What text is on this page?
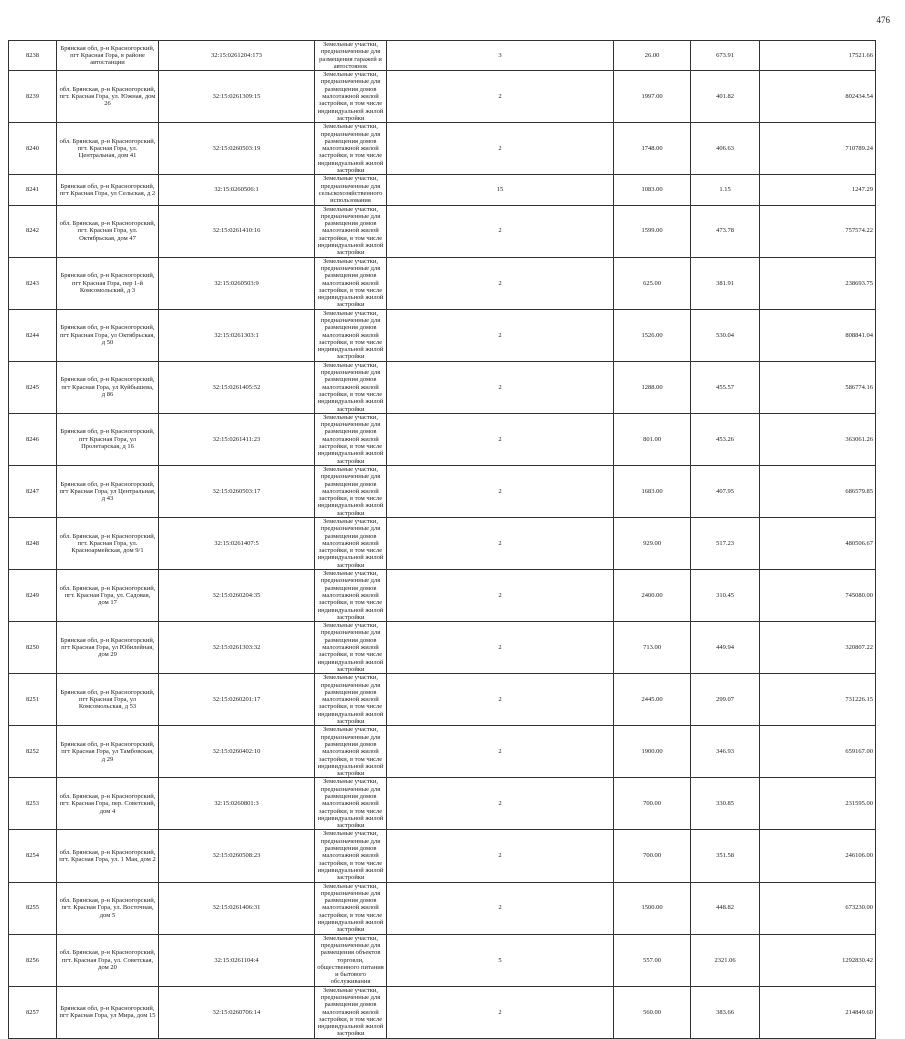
476
8238	Брянская обл, р-н Красногорский, пгт Красная Гора, в районе автостанции	32:15:0261204:173	Земельные участки, предназначенные для размещения гаражей и автостоянок	3	26.00	673.91	17521.66
8239	обл. Брянская, р-н Красногорский, пгт. Красная Гора, ул. Южная, дом 26	32:15:0261309:15	Земельные участки, предназначенные для размещения домов малоэтажной жилой застройки, в том числе индивидуальной жилой застройки	2	1997.00	401.82	802434.54
8240	обл. Брянская, р-н Красногорский, пгт. Красная Гора, ул. Центральная, дом 41	32:15:0260503:19	Земельные участки, предназначенные для размещения домов малоэтажной жилой застройки, в том числе индивидуальной жилой застройки	2	1748.00	406.63	710789.24
8241	Брянская обл, р-н Красногорский, пгт Красная Гора, ул Сельская, д 2	32:15:0260506:1	Земельные участки, предназначенные для сельскохозяйственного использования	15	1083.00	1.15	1247.29
8242	обл. Брянская, р-н Красногорский, пгт. Красная Гора, ул. Октябрьская, дом 47	32:15:0261410:16	Земельные участки, предназначенные для размещения домов малоэтажной жилой застройки, в том числе индивидуальной жилой застройки	2	1599.00	473.78	757574.22
8243	Брянская обл, р-н Красногорский, пгт Красная Гора, пер 1-й Комсомольский, д 3	32:15:0260503:9	Земельные участки, предназначенные для размещения домов малоэтажной жилой застройки, в том числе индивидуальной жилой застройки	2	625.00	381.91	238693.75
8244	Брянская обл, р-н Красногорский, пгт Красная Гора, ул Октябрьская, д 50	32:15:0261303:1	Земельные участки, предназначенные для размещения домов малоэтажной жилой застройки, в том числе индивидуальной жилой застройки	2	1526.00	530.04	808841.04
8245	Брянская обл, р-н Красногорский, пгт Красная Гора, ул Куйбышева, д 86	32:15:0261405:52	Земельные участки, предназначенные для размещения домов малоэтажной жилой застройки, в том числе индивидуальной жилой застройки	2	1288.00	455.57	586774.16
8246	Брянская обл, р-н Красногорский, пгт Красная Гора, ул Пролетарская, д 16	32:15:0261411:23	Земельные участки, предназначенные для размещения домов малоэтажной жилой застройки, в том числе индивидуальной жилой застройки	2	801.00	453.26	363061.26
8247	Брянская обл, р-н Красногорский, пгт Красная Гора, ул Центральная, д 43	32:15:0260503:17	Земельные участки, предназначенные для размещения домов малоэтажной жилой застройки, в том числе индивидуальной жилой застройки	2	1683.00	407.95	686579.85
8248	обл. Брянская, р-н Красногорский, пгт. Красная Гора, ул. Красноармейская, дом 9/1	32:15:0261407:5	Земельные участки, предназначенные для размещения домов малоэтажной жилой застройки, в том числе индивидуальной жилой застройки	2	929.00	517.23	480506.67
8249	обл. Брянская, р-н Красногорский, пгт. Красная Гора, ул. Садовая, дом 17	32:15:0260204:35	Земельные участки, предназначенные для размещения домов малоэтажной жилой застройки, в том числе индивидуальной жилой застройки	2	2400.00	310.45	745080.00
8250	Брянская обл, р-н Красногорский, пгт Красная Гора, ул Юбилейная, дом 29	32:15:0261303:32	Земельные участки, предназначенные для размещения домов малоэтажной жилой застройки, в том числе индивидуальной жилой застройки	2	713.00	449.94	320807.22
8251	Брянская обл, р-н Красногорский, пгт Красная Гора, ул Комсомольская, д 53	32:15:0260201:17	Земельные участки, предназначенные для размещения домов малоэтажной жилой застройки, в том числе индивидуальной жилой застройки	2	2445.00	299.07	731226.15
8252	Брянская обл, р-н Красногорский, пгт Красная Гора, ул Тамбовская, д 29	32:15:0260402:10	Земельные участки, предназначенные для размещения домов малоэтажной жилой застройки, в том числе индивидуальной жилой застройки	2	1900.00	346.93	659167.00
8253	обл. Брянская, р-н Красногорский, пгт. Красная Гора, пер. Советский, дом 4	32:15:0260801:3	Земельные участки, предназначенные для размещения домов малоэтажной жилой застройки, в том числе индивидуальной жилой застройки	2	700.00	330.85	231595.00
8254	обл. Брянская, р-н Красногорский, пгт. Красная Гора, ул. 1 Мая, дом 2	32:15:0260508:23	Земельные участки, предназначенные для размещения домов малоэтажной жилой застройки, в том числе индивидуальной жилой застройки	2	700.00	351.58	246106.00
8255	обл. Брянская, р-н Красногорский, пгт. Красная Гора, ул. Восточная, дом 5	32:15:0261406:31	Земельные участки, предназначенные для размещения домов малоэтажной жилой застройки, в том числе индивидуальной жилой застройки	2	1500.00	448.82	673230.00
8256	обл. Брянская, р-н Красногорский, пгт. Красная Гора, ул. Советская, дом 20	32:15:0261104:4	Земельные участки, предназначенные для размещения объектов торговли, общественного питания и бытового обслуживания	5	557.00	2321.06	1292830.42
8257	Брянская обл, р-н Красногорский, пгт Красная Гора, ул Мира, дом 15	32:15:0260706:14	Земельные участки, предназначенные для размещения домов малоэтажной жилой застройки, в том числе индивидуальной жилой застройки	2	560.00	383.66	214849.60
